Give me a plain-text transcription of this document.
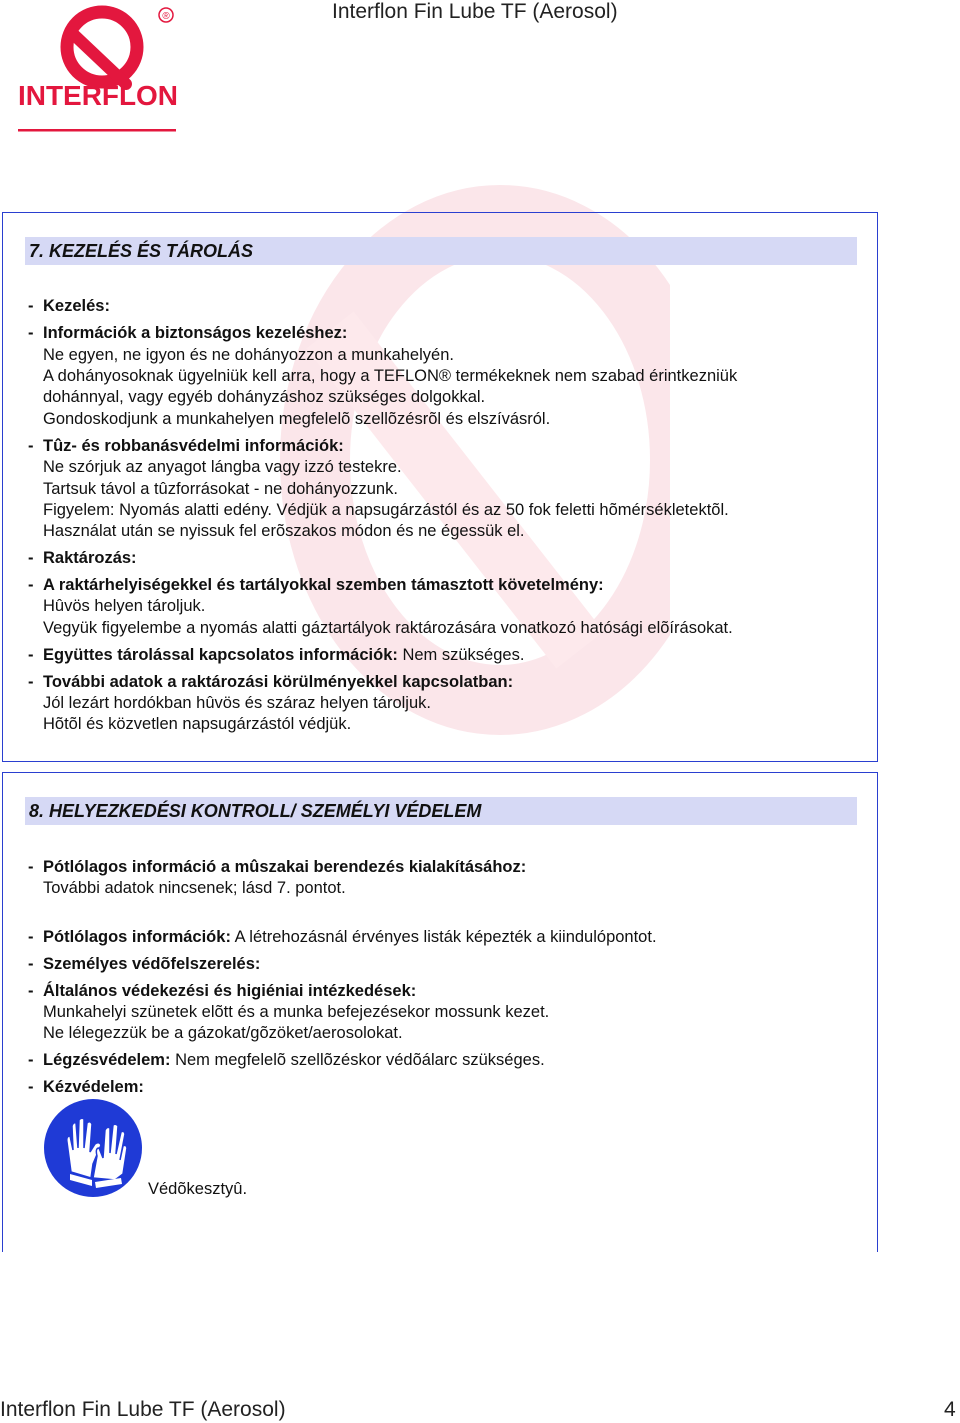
®
INTERFLON
Interflon Fin Lube TF (Aerosol)
7. KEZELÉS ÉS TÁROLÁS
- Kezelés:
- Információk a biztonságos kezeléshez:
Ne egyen, ne igyon és ne dohányozzon a munkahelyén.
A dohányosoknak ügyelniük kell arra, hogy a TEFLON® termékeknek nem szabad érintkezniük
dohánnyal, vagy egyéb dohányzáshoz szükséges dolgokkal.
Gondoskodjunk a munkahelyen megfelelõ szellõzésrõl és elszívásról.
- Tûz- és robbanásvédelmi információk:
Ne szórjuk az anyagot lángba vagy izzó testekre.
Tartsuk távol a tûzforrásokat - ne dohányozzunk.
Figyelem: Nyomás alatti edény. Védjük a napsugárzástól és az 50 fok feletti hõmérsékletektõl.
Használat után se nyissuk fel erõszakos módon és ne égessük el.
- Raktározás:
- A raktárhelyiségekkel és tartályokkal szemben támasztott követelmény:
Hûvös helyen tároljuk.
Vegyük figyelembe a nyomás alatti gáztartályok raktározására vonatkozó hatósági elõírásokat.
- Együttes tárolással kapcsolatos információk: Nem szükséges.
- További adatok a raktározási körülményekkel kapcsolatban:
Jól lezárt hordókban hûvös és száraz helyen tároljuk.
Hõtõl és közvetlen napsugárzástól védjük.
8. HELYEZKEDÉSI KONTROLL/ SZEMÉLYI VÉDELEM
- Pótlólagos információ a mûszakai berendezés kialakításához:
További adatok nincsenek; lásd 7. pontot.
- Pótlólagos információk: A létrehozásnál érvényes listák képezték a kiindulópontot.
- Személyes védõfelszerelés:
- Általános védekezési és higiéniai intézkedések:
Munkahelyi szünetek elõtt és a munka befejezésekor mossunk kezet.
Ne lélegezzük be a gázokat/gõzöket/aerosolokat.
- Légzésvédelem: Nem megfelelõ szellõzéskor védõálarc szükséges.
- Kézvédelem:
Védõkesztyû.
Interflon Fin Lube TF (Aerosol)	4
